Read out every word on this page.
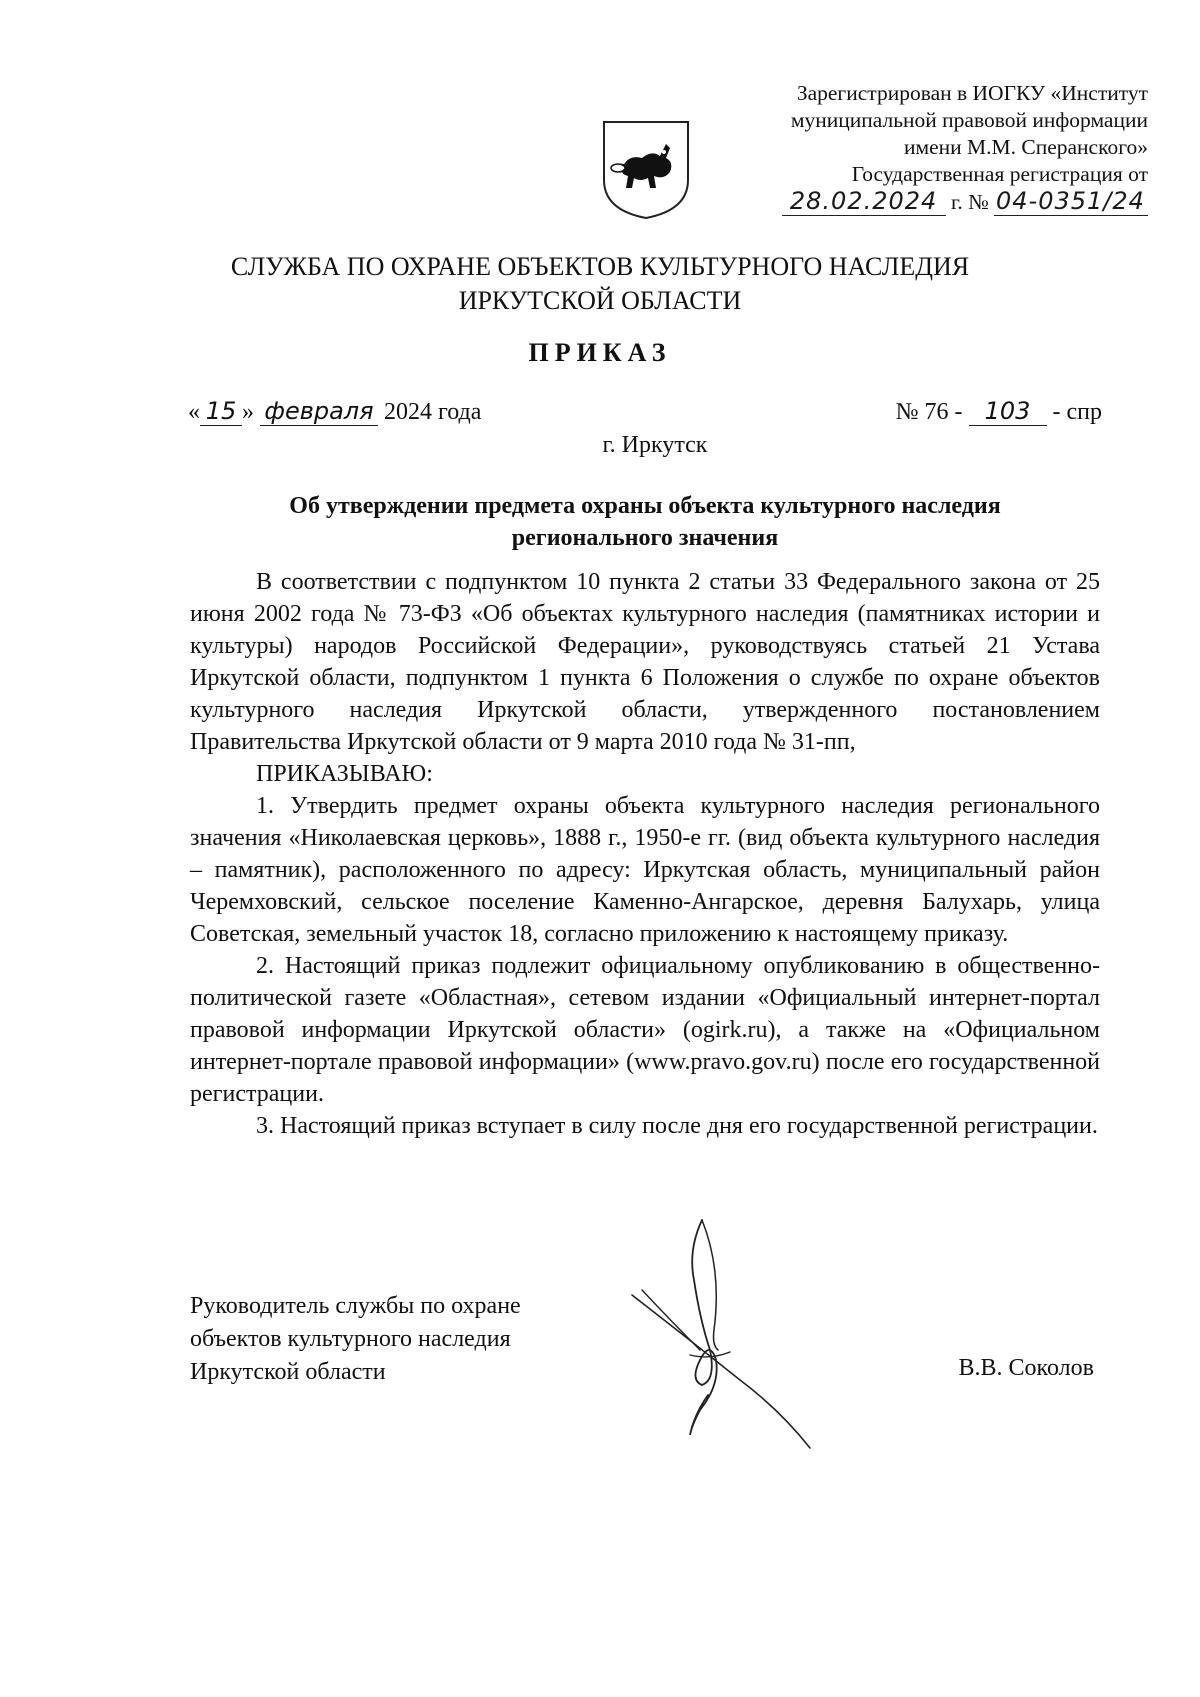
Зарегистрирован в ИОГКУ «Институт
муниципальной правовой информации
имени М.М. Сперанского»
Государственная регистрация от
28.02.2024 г. № 04-0351/24
СЛУЖБА ПО ОХРАНЕ ОБЪЕКТОВ КУЛЬТУРНОГО НАСЛЕДИЯ
ИРКУТСКОЙ ОБЛАСТИ
ПРИКАЗ
« 15 » февраля 2024 года	№ 76 - 103 - спр
г. Иркутск
Об утверждении предмета охраны объекта культурного наследия
регионального значения

В соответствии с подпунктом 10 пункта 2 статьи 33 Федерального закона от 25 июня 2002 года № 73-ФЗ «Об объектах культурного наследия (памятниках истории и культуры) народов Российской Федерации», руководствуясь статьей 21 Устава Иркутской области, подпунктом 1 пункта 6 Положения о службе по охране объектов культурного наследия Иркутской области, утвержденного постановлением Правительства Иркутской области от 9 марта 2010 года № 31-пп,

ПРИКАЗЫВАЮ:

1. Утвердить предмет охраны объекта культурного наследия регионального значения «Николаевская церковь», 1888 г., 1950-е гг. (вид объекта культурного наследия – памятник), расположенного по адресу: Иркутская область, муниципальный район Черемховский, сельское поселение Каменно-Ангарское, деревня Балухарь, улица Советская, земельный участок 18, согласно приложению к настоящему приказу.

2. Настоящий приказ подлежит официальному опубликованию в общественно-политической газете «Областная», сетевом издании «Официальный интернет-портал правовой информации Иркутской области» (ogirk.ru), а также на «Официальном интернет-портале правовой информации» (www.pravo.gov.ru) после его государственной регистрации.

3. Настоящий приказ вступает в силу после дня его государственной регистрации.

Руководитель службы по охране
объектов культурного наследия
Иркутской области	В.В. Соколов
